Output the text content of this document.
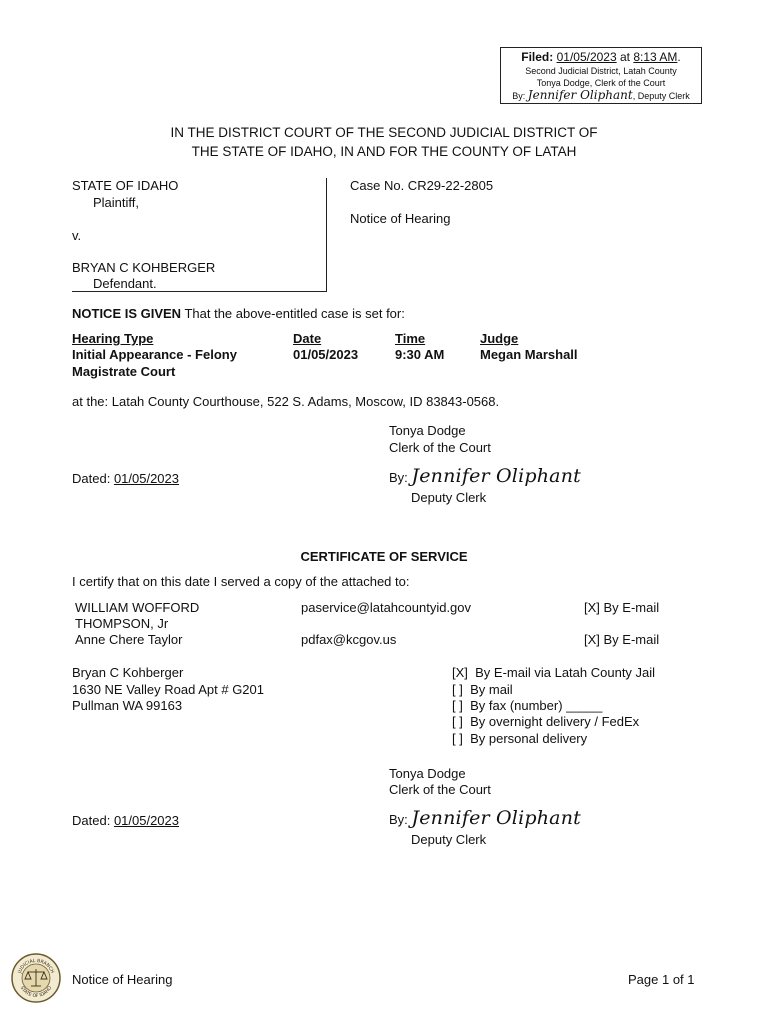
Filed: 01/05/2023 at 8:13 AM.
Second Judicial District, Latah County
Tonya Dodge, Clerk of the Court
By: Jennifer Oliphant, Deputy Clerk
IN THE DISTRICT COURT OF THE SECOND JUDICIAL DISTRICT OF
THE STATE OF IDAHO, IN AND FOR THE COUNTY OF LATAH
STATE OF IDAHO
Plaintiff,
v.
BRYAN C KOHBERGER
Defendant.
Case No. CR29-22-2805
Notice of Hearing
NOTICE IS GIVEN That the above-entitled case is set for:
Hearing Type	Date	Time	Judge
Initial Appearance - Felony
Magistrate Court
01/05/2023	9:30 AM	Megan Marshall
at the: Latah County Courthouse, 522 S. Adams, Moscow, ID 83843-0568.
Tonya Dodge
Clerk of the Court
Dated: 01/05/2023	By: Jennifer Oliphant
Deputy Clerk
CERTIFICATE OF SERVICE
I certify that on this date I served a copy of the attached to:
WILLIAM WOFFORD
THOMPSON, Jr
paservice@latahcountyid.gov	[X] By E-mail
Anne Chere Taylor	pdfax@kcgov.us	[X] By E-mail
Bryan C Kohberger
1630 NE Valley Road Apt # G201
Pullman WA 99163
[X] By E-mail via Latah County Jail
[ ] By mail
[ ] By fax (number) _____
[ ] By overnight delivery / FedEx
[ ] By personal delivery
Tonya Dodge
Clerk of the Court
Dated: 01/05/2023	By: Jennifer Oliphant
Deputy Clerk
JUDICIAL BRANCH
STATE OF IDAHO
Notice of Hearing	Page 1 of 1
